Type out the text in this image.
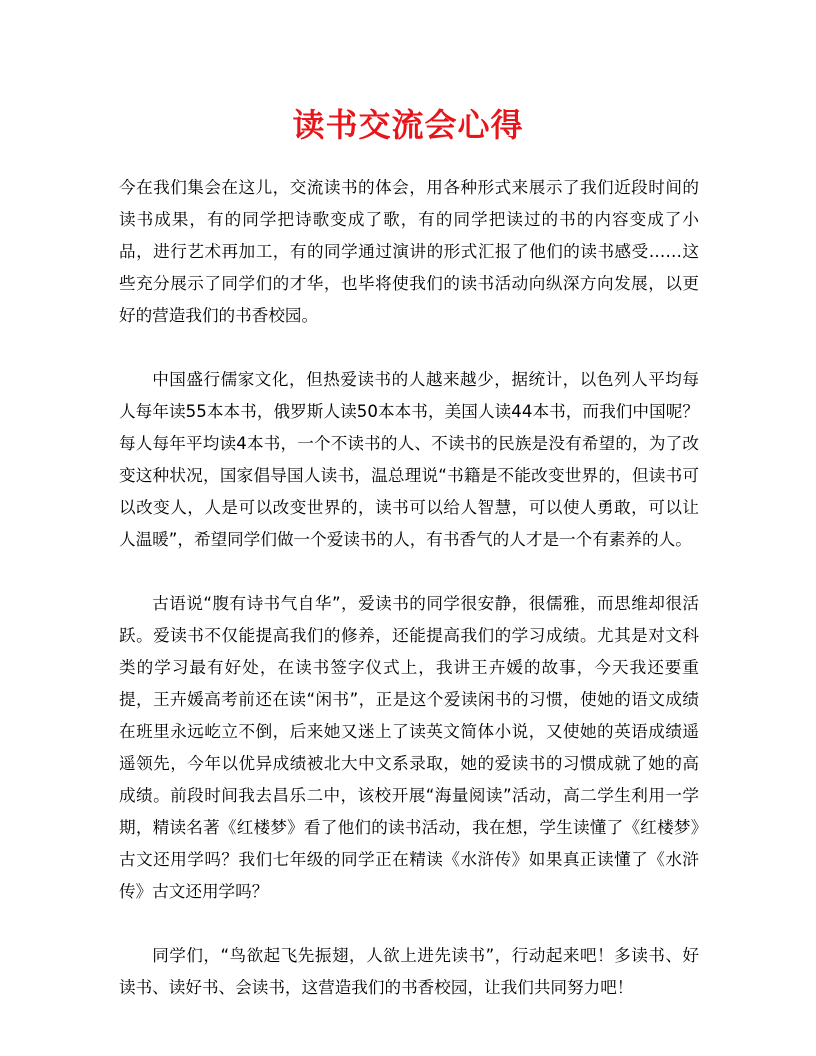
读书交流会心得

今在我们集会在这儿，交流读书的体会，用各种形式来展示了我们近段时间的读书成果，有的同学把诗歌变成了歌，有的同学把读过的书的内容变成了小品，进行艺术再加工，有的同学通过演讲的形式汇报了他们的读书感受……这些充分展示了同学们的才华，也毕将使我们的读书活动向纵深方向发展，以更好的营造我们的书香校园。

中国盛行儒家文化，但热爱读书的人越来越少，据统计，以色列人平均每人每年读55本本书，俄罗斯人读50本本书，美国人读44本书，而我们中国呢？每人每年平均读4本书，一个不读书的人、不读书的民族是没有希望的，为了改变这种状况，国家倡导国人读书，温总理说“书籍是不能改变世界的，但读书可以改变人，人是可以改变世界的，读书可以给人智慧，可以使人勇敢，可以让人温暖”，希望同学们做一个爱读书的人，有书香气的人才是一个有素养的人。

古语说“腹有诗书气自华”，爱读书的同学很安静，很儒雅，而思维却很活跃。爱读书不仅能提高我们的修养，还能提高我们的学习成绩。尤其是对文科类的学习最有好处，在读书签字仪式上，我讲王卉媛的故事，今天我还要重提，王卉媛高考前还在读“闲书”，正是这个爱读闲书的习惯，使她的语文成绩在班里永远屹立不倒，后来她又迷上了读英文简体小说，又使她的英语成绩遥遥领先，今年以优异成绩被北大中文系录取，她的爱读书的习惯成就了她的高成绩。前段时间我去昌乐二中，该校开展“海量阅读”活动，高二学生利用一学期，精读名著《红楼梦》看了他们的读书活动，我在想，学生读懂了《红楼梦》古文还用学吗？我们七年级的同学正在精读《水浒传》如果真正读懂了《水浒传》古文还用学吗？

同学们，“鸟欲起飞先振翅，人欲上进先读书”，行动起来吧！多读书、好读书、读好书、会读书，这营造我们的书香校园，让我们共同努力吧！
